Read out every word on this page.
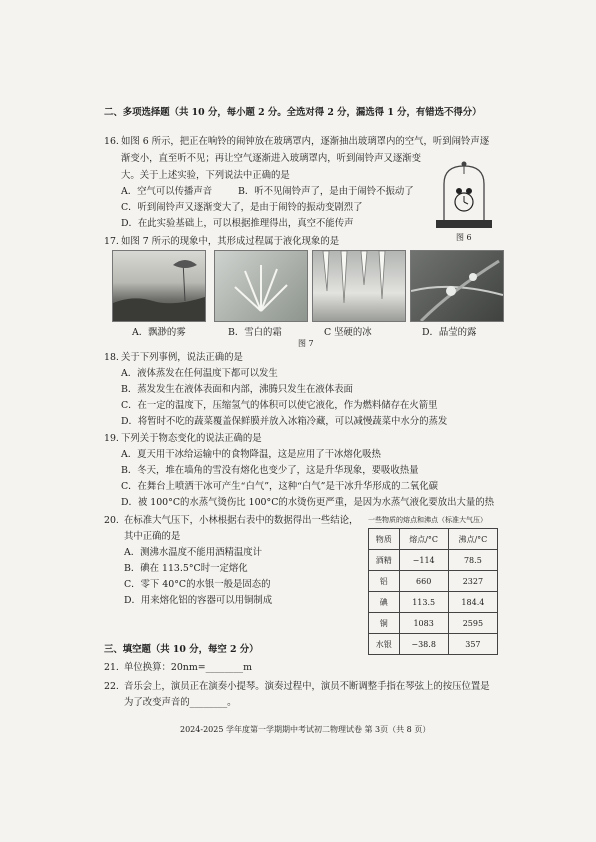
二、多项选择题（共 10 分，每小题 2 分。全选对得 2 分，漏选得 1 分，有错选不得分）
16. 如图 6 所示，把正在响铃的闹钟放在玻璃罩内，逐渐抽出玻璃罩内的空气，听到闹铃声逐
渐变小，直至听不见；再让空气逐渐进入玻璃罩内，听到闹铃声又逐渐变
大。关于上述实验，下列说法中正确的是
A．空气可以传播声音	B．听不见闹铃声了，是由于闹铃不振动了
C．听到闹铃声又逐渐变大了，是由于闹铃的振动变剧烈了
D．在此实验基础上，可以根据推理得出，真空不能传声
图 6
17. 如图 7 所示的现象中，其形成过程属于液化现象的是
A．飘渺的雾	B．雪白的霜	C 坚硬的冰	D．晶莹的露
图 7
18. 关于下列事例，说法正确的是
A．液体蒸发在任何温度下都可以发生
B．蒸发发生在液体表面和内部，沸腾只发生在液体表面
C．在一定的温度下，压缩氢气的体积可以使它液化，作为燃料储存在火箭里
D．将暂时不吃的蔬菜覆盖保鲜膜并放入冰箱冷藏，可以减慢蔬菜中水分的蒸发
19. 下列关于物态变化的说法正确的是
A．夏天用干冰给运输中的食物降温，这是应用了干冰熔化吸热
B．冬天，堆在墙角的雪没有熔化也变少了，这是升华现象，要吸收热量
C．在舞台上喷洒干冰可产生“白气”，这种“白气”是干冰升华形成的二氧化碳
D．被 100°C的水蒸气烫伤比 100°C的水烫伤更严重，是因为水蒸气液化要放出大量的热
20. 在标准大气压下，小林根据右表中的数据得出一些结论，
其中正确的是
A．测沸水温度不能用酒精温度计
B．碘在 113.5°C时一定熔化
C．零下 40°C的水银一般是固态的
D．用来熔化铝的容器可以用铜制成
一些物质的熔点和沸点（标准大气压）
物质	熔点/°C	沸点/°C
酒精	−114	78.5
铝	660	2327
碘	113.5	184.4
铜	1083	2595
水银	−38.8	357
三、填空题（共 10 分，每空 2 分）
21. 单位换算：20nm=________m
22. 音乐会上，演员正在演奏小提琴。演奏过程中，演员不断调整手指在琴弦上的按压位置是
为了改变声音的________。
2024-2025 学年度第一学期期中考试初二物理试卷 第 3页（共 8 页）
